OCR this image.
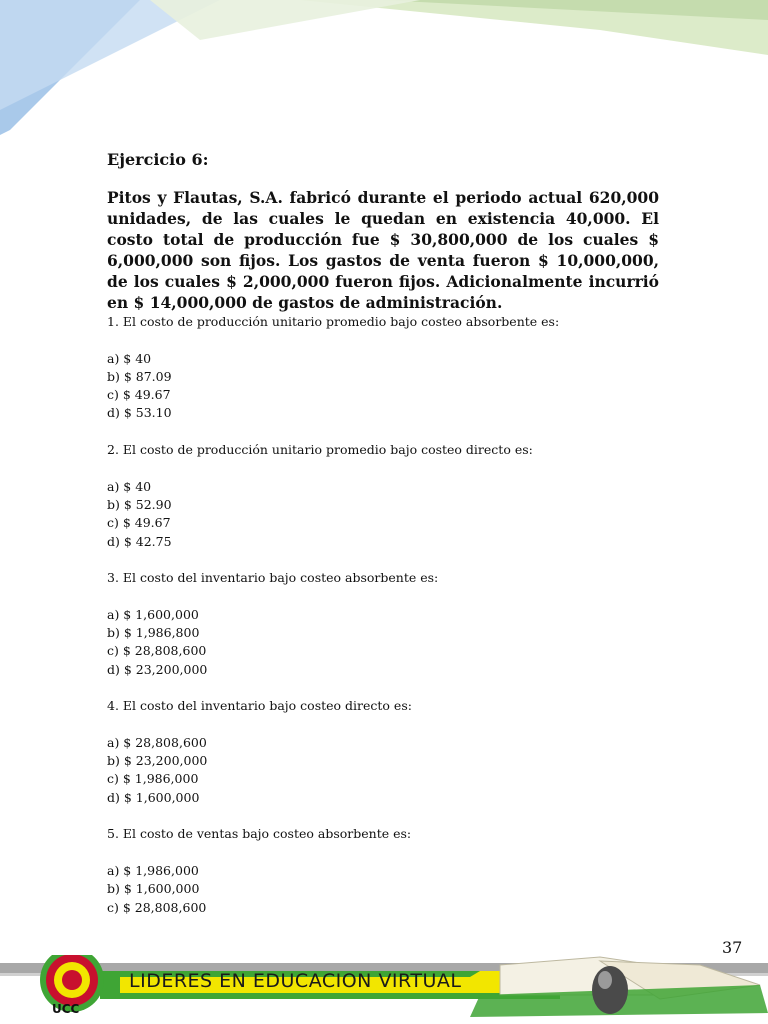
Ejercicio 6:

Pitos y Flautas, S.A. fabricó durante el periodo actual 620,000 unidades, de las cuales le quedan en existencia 40,000. El costo total de producción fue $ 30,800,000 de los cuales $ 6,000,000 son fijos. Los gastos de venta fueron $ 10,000,000, de los cuales $ 2,000,000 fueron fijos. Adicionalmente incurrió en $ 14,000,000 de gastos de administración.

1. El costo de producción unitario promedio bajo costeo absorbente es:
a) $ 40
b) $ 87.09
c) $ 49.67
d) $ 53.10
2. El costo de producción unitario promedio bajo costeo directo es:
a) $ 40
b) $ 52.90
c) $ 49.67
d) $ 42.75
3. El costo del inventario bajo costeo absorbente es:
a) $ 1,600,000
b) $ 1,986,800
c) $ 28,808,600
d) $ 23,200,000
4. El costo del inventario bajo costeo directo es:
a) $ 28,808,600
b) $ 23,200,000
c) $ 1,986,000
d) $ 1,600,000
5. El costo de ventas bajo costeo absorbente es:
a) $ 1,986,000
b) $ 1,600,000
c) $ 28,808,600
37
LIDERES EN EDUCACION VIRTUAL
UCC
